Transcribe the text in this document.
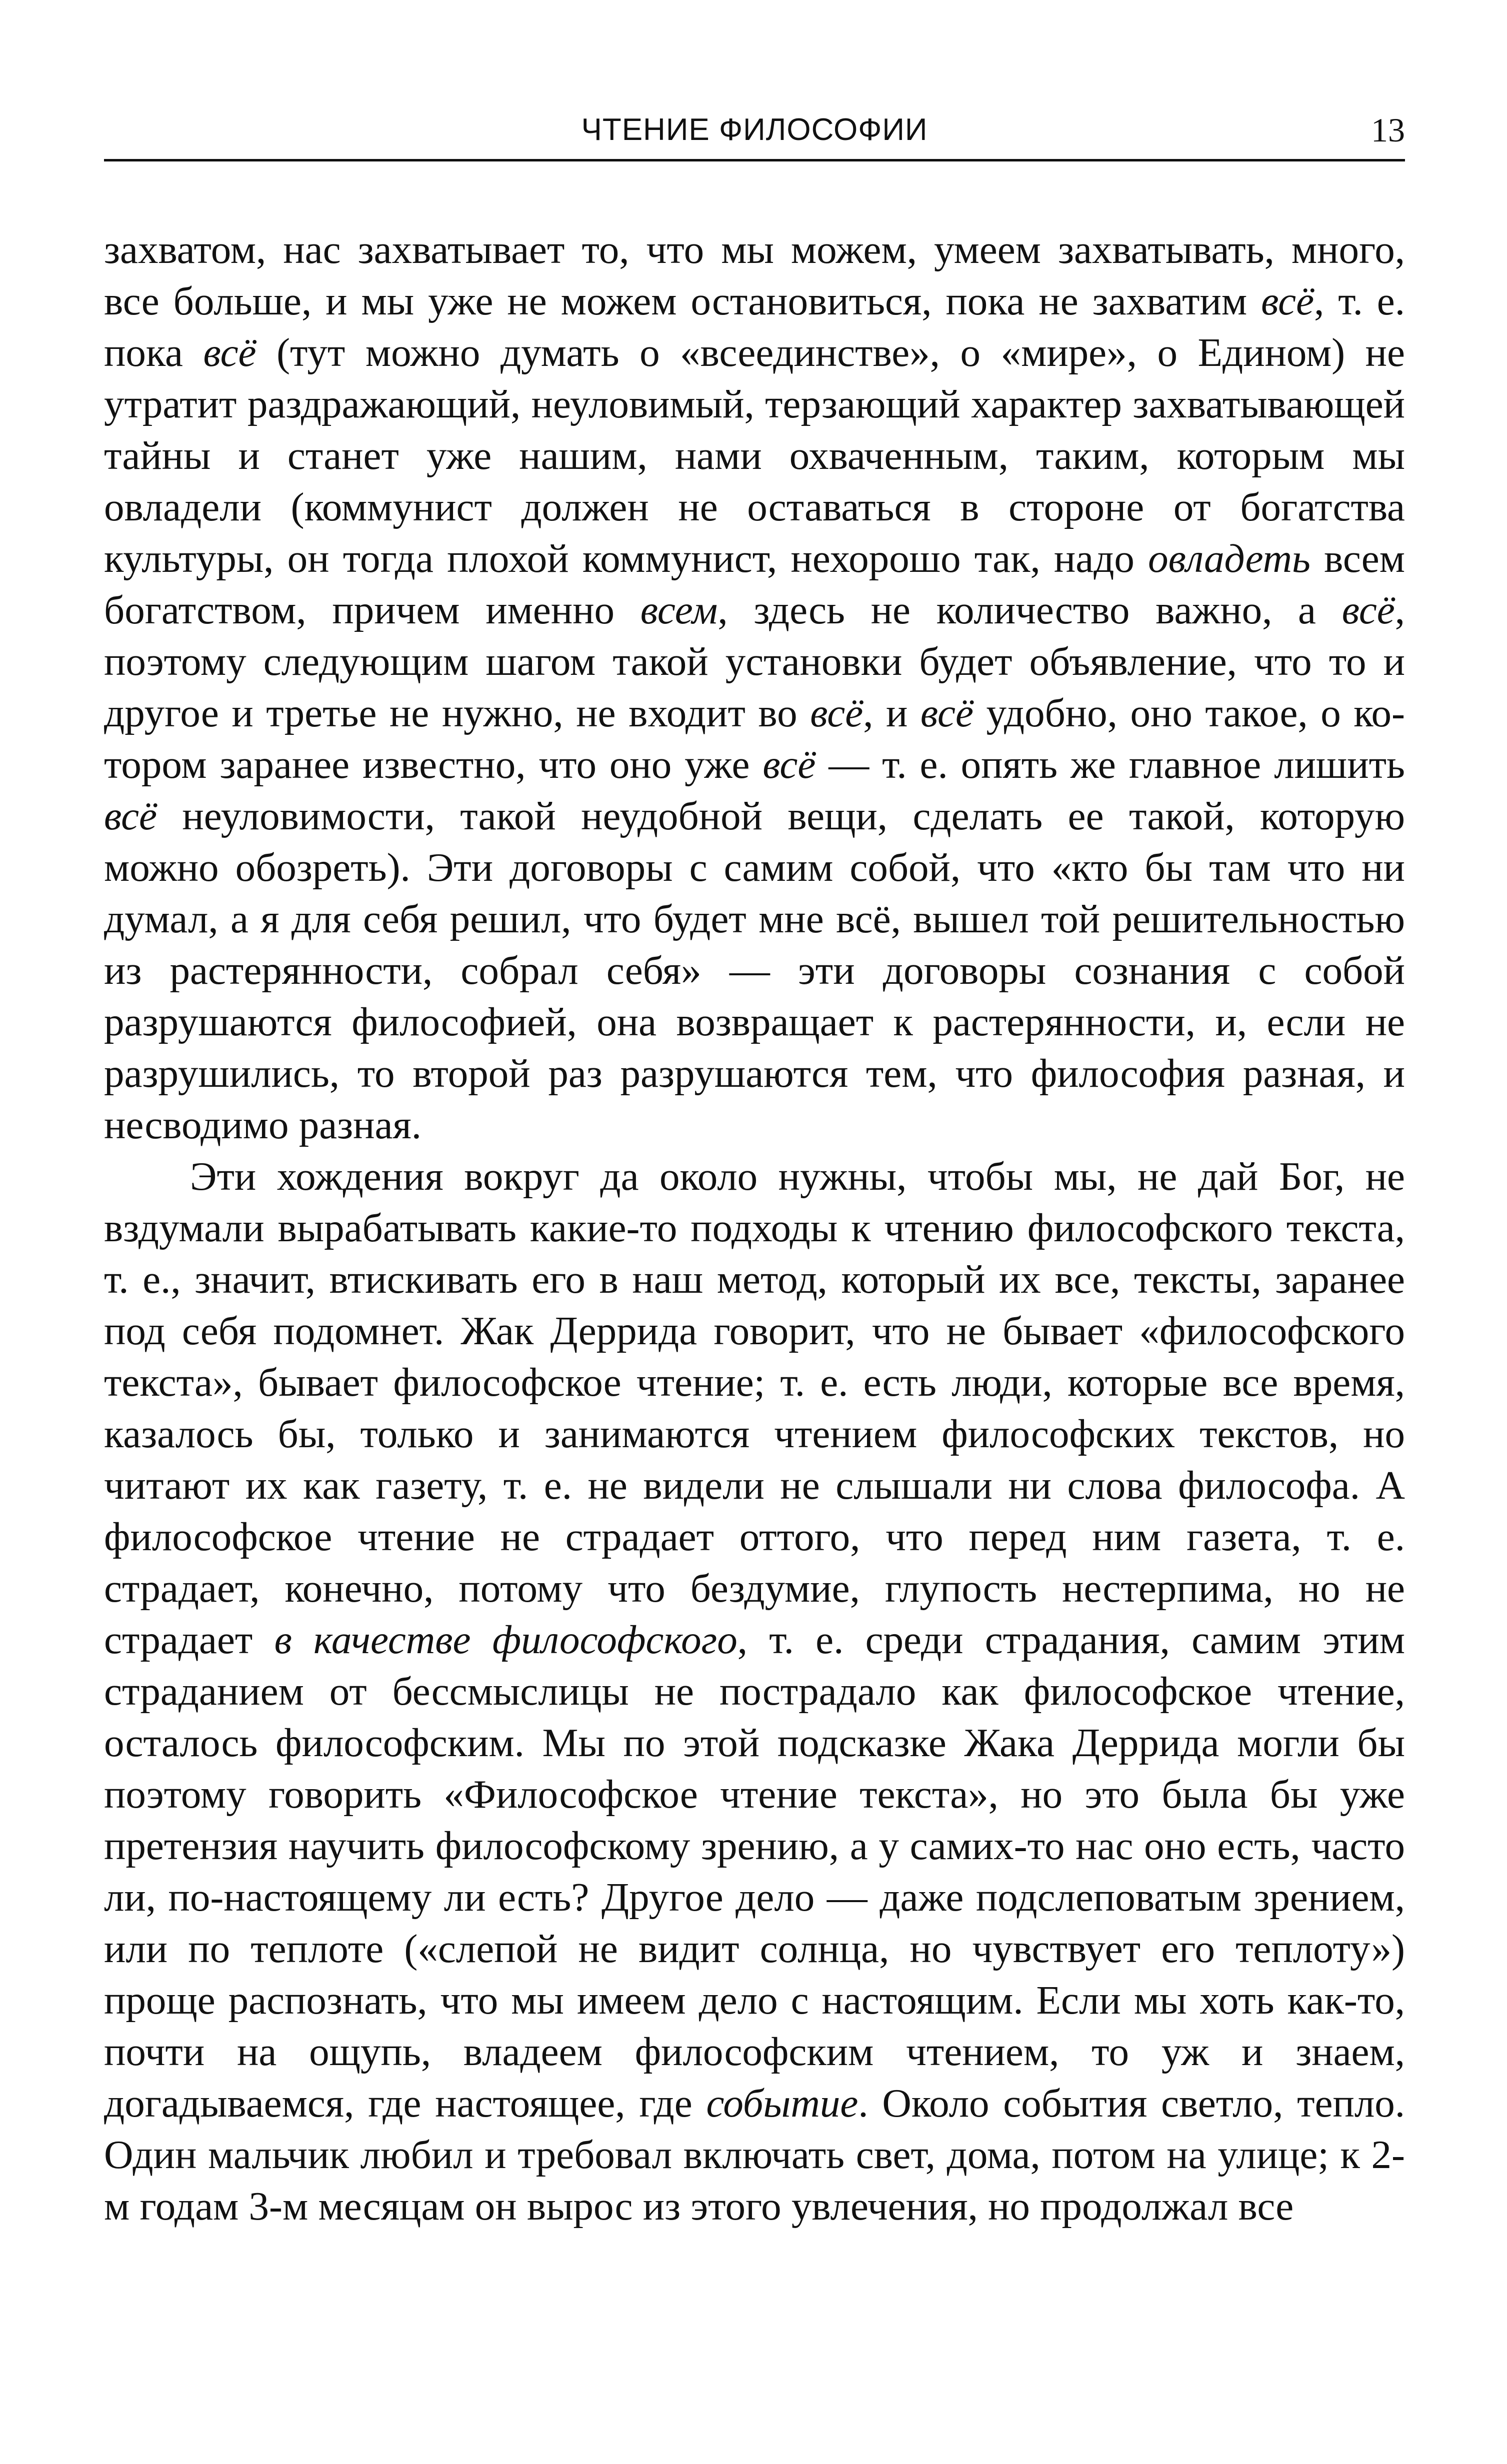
ЧТЕНИЕ ФИЛОСОФИИ	13

захватом, нас захватывает то, что мы можем, умеем захватывать, много, все больше, и мы уже не можем остановиться, пока не захватим всё, т. е. пока всё (тут можно думать о «всеединстве», о «мире», о Едином) не утратит раздражающий, неуловимый, терзающий характер захватывающей тайны и станет уже нашим, нами охваченным, таким, которым мы овладели (коммунист должен не оставаться в стороне от богатства культуры, он тогда плохой коммунист, нехорошо так, надо овладеть всем богатством, причем именно всем, здесь не количество важно, а всё, поэтому следующим шагом такой установки будет объявление, что то и другое и третье не нужно, не входит во всё, и всё удобно, оно такое, о котором заранее известно, что оно уже всё — т. е. опять же главное лишить всё неуловимости, такой неудобной вещи, сделать ее такой, которую можно обозреть). Эти договоры с самим собой, что «кто бы там что ни думал, а я для себя решил, что будет мне всё, вышел той решительностью из растерянности, собрал себя» — эти договоры сознания с собой разрушаются философией, она возвращает к растерянности, и, если не разрушились, то второй раз разрушаются тем, что философия разная, и несводимо разная.

Эти хождения вокруг да около нужны, чтобы мы, не дай Бог, не вздумали вырабатывать какие-то подходы к чтению философского текста, т. е., значит, втискивать его в наш метод, который их все, тексты, заранее под себя подомнет. Жак Деррида говорит, что не бывает «философского текста», бывает философское чтение; т. е. есть люди, которые все время, казалось бы, только и занимаются чтением философских текстов, но читают их как газету, т. е. не видели не слышали ни слова философа. А философское чтение не страдает оттого, что перед ним газета, т. е. страдает, конечно, потому что бездумие, глупость нестерпима, но не страдает в качестве философского, т. е. среди страдания, самим этим страданием от бессмыслицы не пострадало как философское чтение, осталось философским. Мы по этой подсказке Жака Деррида могли бы поэтому говорить «Философское чтение текста», но это была бы уже претензия научить философскому зрению, а у самих-то нас оно есть, часто ли, по-настоящему ли есть? Другое дело — даже подслеповатым зрением, или по теплоте («слепой не видит солнца, но чувствует его теплоту») проще распознать, что мы имеем дело с настоящим. Если мы хоть как-то, почти на ощупь, владеем философским чтением, то уж и знаем, догадываемся, где настоящее, где событие. Около события светло, тепло. Один мальчик любил и требовал включать свет, дома, потом на улице; к 2-м годам 3-м месяцам он вырос из этого увлечения, но продолжал все
